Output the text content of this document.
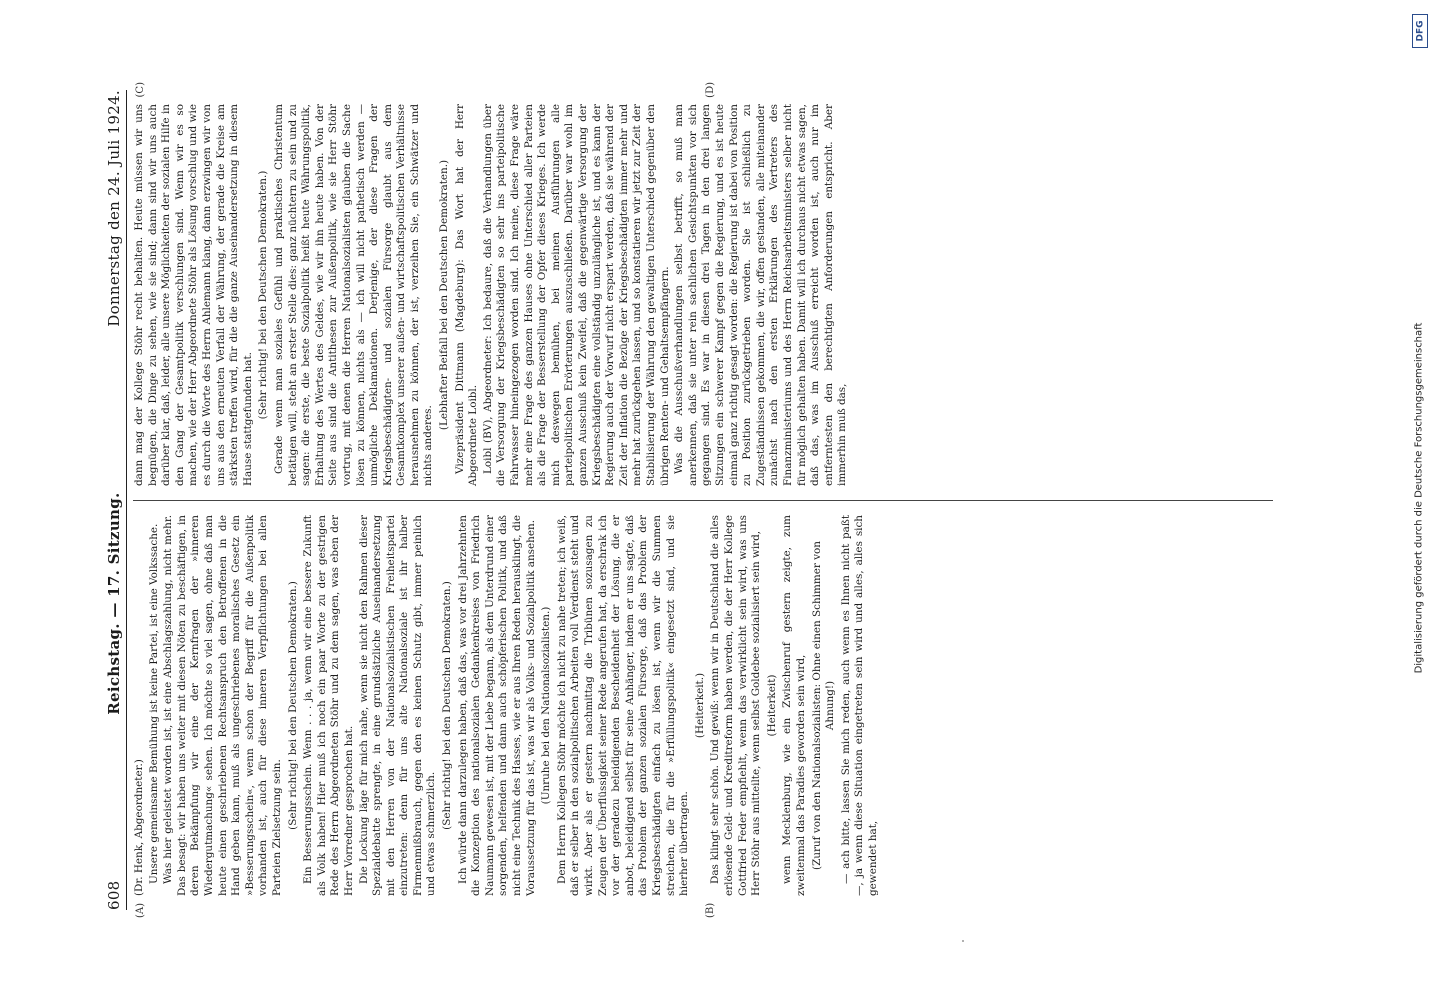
608
Reichstag. — 17. Sitzung.
Donnerstag den 24. Juli 1924.

(Dr. Henk, Abgeordneter.) Unsere gemeinsame Bemühung ist keine Partei, ist eine Volkssache. Was hier geleistet worden ist, ist eine Abschlagszahlung, nicht mehr. Das besagt: wir haben uns weiter mit diesen Nöten zu beschäftigen, in deren Bekämpfung wir eine der Kernfragen der »inneren Wiedergutmachung« sehen. Ich möchte so viel sagen, ohne daß man heute einen geschriebenen Rechtsanspruch den Betroffenen in die Hand geben kann, muß als ungeschriebenes moralisches Gesetz ein »Besserungsschein«, wenn schon der Begriff für die Außenpolitik vorhanden ist, auch für diese inneren Verpflichtungen bei allen Parteien Zielsetzung sein. (Sehr richtig! bei den Deutschen Demokraten.) Ein Besserungsschein. Wenn . . . ja, wenn wir eine bessere Zukunft als Volk haben! Hier muß ich noch ein paar Worte zu der gestrigen Rede des Herrn Abgeordneten Stöhr und zu dem sagen, was eben der Herr Vorredner gesprochen hat. Die Lockung läge für mich nahe, wenn sie nicht den Rahmen dieser Spezialdebatte sprengte, in eine grundsätzliche Auseinandersetzung mit den Herren von der Nationalsozialistischen Freiheitspartei einzutreten: denn für uns alte Nationalsoziale ist ihr halber Firmenmißbrauch, gegen den es keinen Schutz gibt, immer peinlich und etwas schmerzlich.

(Sehr richtig! bei den Deutschen Demokraten.) Ich würde dann darzulegen haben, daß das, was vor drei Jahrzehnten die Konzeption des nationalsozialen Gedankenkreises von Friedrich Naumann gewesen ist, mit der Liebe begann, als dem Unterdrund einer sorgenden, helfenden und dann auch schöpferischen Politik, und daß nicht eine Technik des Hasses, wie er aus Ihren Reden herausklingt, die Voraussetzung für das ist, was wir als Volks- und Sozialpolitik ansehen. (Unruhe bei den Nationalsozialisten.) Dem Herrn Kollegen Stöhr möchte ich nicht zu nahe treten; ich weiß, daß er selber in den sozialpolitischen Arbeiten voll Verdienst steht und wirkt. Aber als er gestern nachmittag die Tribünen sozusagen zu Zeugen der Überflüssigkeit seiner Rede angerufen hat, da erschrak ich vor der geradezu beleidigenden Bescheidenheit der Lösung, die er anbot, beleidigend selbst für seine Anhänger, indem er uns sagte, daß das Problem der ganzen sozialen Fürsorge, daß das Problem der Kriegsbeschädigten einfach zu lösen ist, wenn wir die Summen streichen, die für die »Erfüllungspolitik« eingesetzt sind, und sie hierher übertragen.

(Heiterkeit.) Das klingt sehr schön. Und gewiß: wenn wir in Deutschland die alles erlösende Geld- und Kreditreform haben werden, die der Herr Kollege Gottfried Feder empfiehlt, wenn das verwirklicht sein wird, was uns Herr Stöhr aus mitteilte, wenn selbst Goldebee sozialisiert sein wird, (Heiterkeit) wenn Mecklenburg, wie ein Zwischenruf gestern zeigte, zum zweitenmal das Paradies geworden sein wird, (Zuruf von den Nationalsozialisten: Ohne einen Schimmer von Ahnung!) — ach bitte, lassen Sie mich reden, auch wenn es Ihnen nicht paßt —, ja wenn diese Situation eingetreten sein wird und alles, alles sich gewendet hat,

dann mag der Kollege Stöhr recht behalten. Heute müssen wir uns begnügen, die Dinge zu sehen, wie sie sind; dann sind wir uns auch darüber klar, daß, leider, alle unsere Möglichkeiten der sozialen Hilfe in den Gang der Gesamtpolitik verschlungen sind. Wenn wir es so machen, wie der Herr Abgeordnete Stöhr als Lösung vorschlug und wie es durch die Worte des Herrn Ahlemann klang, dann erzwingen wir von uns aus den erneuten Verfall der Währung, der gerade die Kreise am stärksten treffen wird, für die die ganze Auseinandersetzung in diesem Hause stattgefunden hat. (Sehr richtig! bei den Deutschen Demokraten.) Gerade wenn man soziales Gefühl und praktisches Christentum betätigen will, steht an erster Stelle dies: ganz nüchtern zu sein und zu sagen: die erste, die beste Sozialpolitik heißt heute Währungspolitik, Erhaltung des Wertes des Geldes, wie wir ihn heute haben. Von der Seite aus sind die Antithesen zur Außenpolitik, wie sie Herr Stöhr vortrug, mit denen die Herren Nationalsozialisten glauben die Sache lösen zu können, nichts als — ich will nicht pathetisch werden — unmögliche Deklamationen. Derjenige, der diese Fragen der Kriegsbeschädigten- und sozialen Fürsorge glaubt aus dem Gesamtkomplex unserer außen- und wirtschaftspolitischen Verhältnisse herausnehmen zu können, der ist, verzeihen Sie, ein Schwätzer und nichts anderes.

(Lebhafter Beifall bei den Deutschen Demokraten.) Vizepräsident Dittmann (Magdeburg): Das Wort hat der Herr Abgeordnete Loibl. Loibl (BV), Abgeordneter: Ich bedaure, daß die Verhandlungen über die Versorgung der Kriegsbeschädigten so sehr ins parteipolitische Fahrwasser hineingezogen worden sind. Ich meine, diese Frage wäre mehr eine Frage des ganzen Hauses ohne Unterschied aller Parteien als die Frage der Besserstellung der Opfer dieses Krieges. Ich werde mich deswegen bemühen, bei meinen Ausführungen alle parteipolitischen Erörterungen auszuschließen. Darüber war wohl im ganzen Ausschuß kein Zweifel, daß die gegenwärtige Versorgung der Kriegsbeschädigten eine vollständig unzulängliche ist, und es kann der Regierung auch der Vorwurf nicht erspart werden, daß sie während der Zeit der Inflation die Bezüge der Kriegsbeschädigten immer mehr und mehr hat zurückgehen lassen, und so konstatieren wir jetzt zur Zeit der Stabilisierung der Währung den gewaltigen Unterschied gegenüber den übrigen Renten- und Gehaltsempfängern. Was die Ausschußverhandlungen selbst betrifft, so muß man anerkennen, daß sie unter rein sachlichen Gesichtspunkten vor sich gegangen sind. Es war in diesen drei Tagen in den drei langen Sitzungen ein schwerer Kampf gegen die Regierung, und es ist heute einmal ganz richtig gesagt worden: die Regierung ist dabei von Position zu Position zurückgetrieben worden. Sie ist schließlich zu Zugeständnissen gekommen, die wir, offen gestanden, alle miteinander zunächst nach den ersten Erklärungen des Vertreters des Finanzministeriums und des Herrn Reichsarbeitsministers selber nicht für möglich gehalten haben. Damit will ich durchaus nicht etwas sagen, daß das, was im Ausschuß erreicht worden ist, auch nur im entferntesten den berechtigten Anforderungen entspricht. Aber immerhin muß das,

(A)	(B)
(C)	(D)
DFG
Digitalisierung gefördert durch die Deutsche Forschungsgemeinschaft
